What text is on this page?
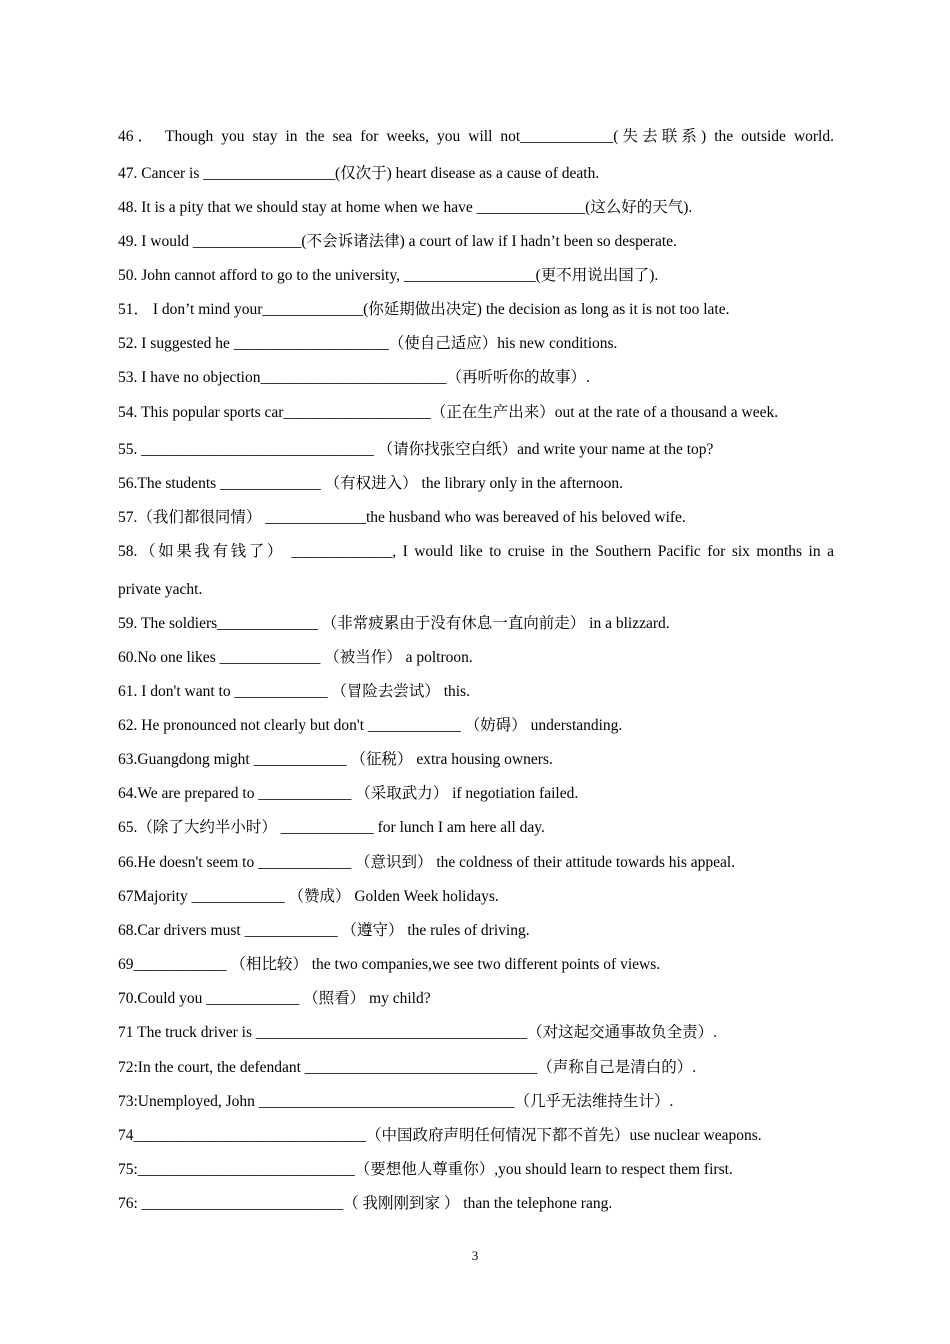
46． Though you stay in the sea for weeks, you will not____________(失去联系) the outside world.
47. Cancer is _________________(仅次于) heart disease as a cause of death.
48. It is a pity that we should stay at home when we have ______________(这么好的天气).
49. I would ______________(不会诉诸法律) a court of law if I hadn’t been so desperate.
50. John cannot afford to go to the university, _________________(更不用说出国了).
51． I don’t mind your_____________(你延期做出决定) the decision as long as it is not too late.
52. I suggested he ____________________（使自己适应）his new conditions.
53. I have no objection________________________（再听听你的故事）.
54. This popular sports car___________________（正在生产出来）out at the rate of a thousand a week.
55. ______________________________ （请你找张空白纸）and write your name at the top?
56.The students _____________ （有权进入） the library only in the afternoon.
57.（我们都很同情） _____________the husband who was bereaved of his beloved wife.
58.（如果我有钱了） _____________, I would like to cruise in the Southern Pacific for six months in a
private yacht.
59. The soldiers_____________ （非常疲累由于没有休息一直向前走） in a blizzard.
60.No one likes _____________ （被当作） a poltroon.
61. I don't want to ____________ （冒险去尝试） this.
62. He pronounced not clearly but don't ____________ （妨碍） understanding.
63.Guangdong might ____________ （征税） extra housing owners.
64.We are prepared to ____________ （采取武力） if negotiation failed.
65.（除了大约半小时） ____________ for lunch I am here all day.
66.He doesn't seem to ____________ （意识到） the coldness of their attitude towards his appeal.
67Majority ____________ （赞成） Golden Week holidays.
68.Car drivers must ____________ （遵守） the rules of driving.
69____________ （相比较） the two companies,we see two different points of views.
70.Could you ____________ （照看） my child?
71 The truck driver is ___________________________________（对这起交通事故负全责）.
72:In the court, the defendant ______________________________（声称自己是清白的）.
73:Unemployed, John _________________________________（几乎无法维持生计）.
74______________________________（中国政府声明任何情况下都不首先）use nuclear weapons.
75:____________________________（要想他人尊重你）,you should learn to respect them first.
76: __________________________（ 我刚刚到家 ） than the telephone rang.
3
